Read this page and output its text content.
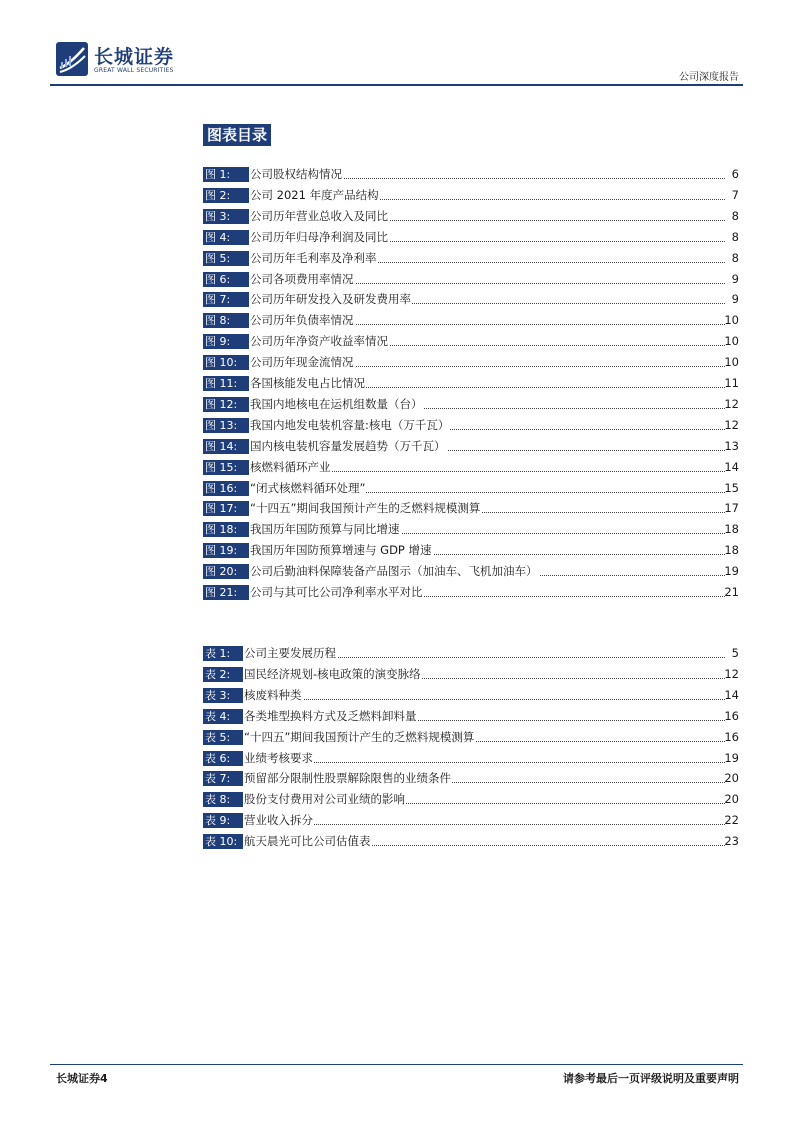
长城证券
GREAT WALL SECURITIES
公司深度报告
图表目录
图 1:	公司股权结构情况	6
图 2:	公司 2021 年度产品结构	7
图 3:	公司历年营业总收入及同比	8
图 4:	公司历年归母净利润及同比	8
图 5:	公司历年毛利率及净利率	8
图 6:	公司各项费用率情况	9
图 7:	公司历年研发投入及研发费用率	9
图 8:	公司历年负债率情况	10
图 9:	公司历年净资产收益率情况	10
图 10:	公司历年现金流情况	10
图 11:	各国核能发电占比情况	11
图 12:	我国内地核电在运机组数量（台）	12
图 13:	我国内地发电装机容量:核电（万千瓦）	12
图 14:	国内核电装机容量发展趋势（万千瓦）	13
图 15:	核燃料循环产业	14
图 16:	“闭式核燃料循环处理”	15
图 17:	“十四五”期间我国预计产生的乏燃料规模测算	17
图 18:	我国历年国防预算与同比增速	18
图 19:	我国历年国防预算增速与 GDP 增速	18
图 20:	公司后勤油料保障装备产品图示（加油车、飞机加油车）	19
图 21:	公司与其可比公司净利率水平对比	21
表 1:	公司主要发展历程	5
表 2:	国民经济规划-核电政策的演变脉络	12
表 3:	核废料种类	14
表 4:	各类堆型换料方式及乏燃料卸料量	16
表 5:	“十四五”期间我国预计产生的乏燃料规模测算	16
表 6:	业绩考核要求	19
表 7:	预留部分限制性股票解除限售的业绩条件	20
表 8:	股份支付费用对公司业绩的影响	20
表 9:	营业收入拆分	22
表 10: 航天晨光可比公司估值表	23
长城证券4	请参考最后一页评级说明及重要声明
